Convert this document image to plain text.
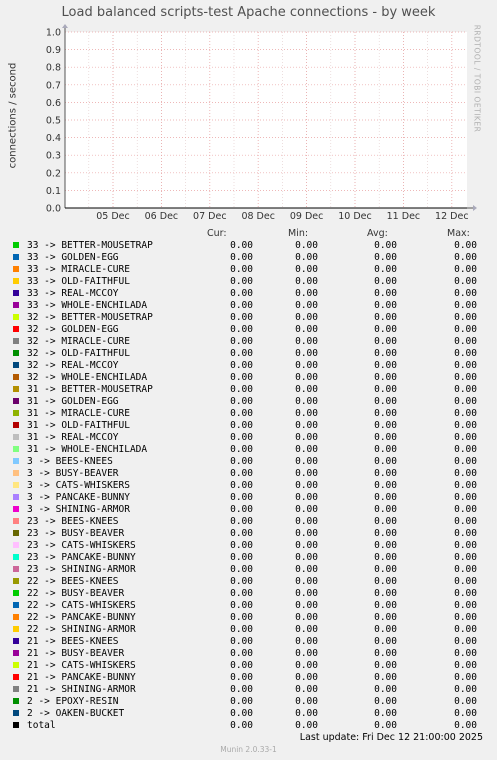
Load balanced scripts-test Apache connections - by week
connections / second	RRDTOOL / TOBI OETIKER
0.0
0.1
0.2
0.3
0.4
0.5
0.6
0.7
0.8
0.9
1.0
05 Dec 06 Dec 07 Dec 08 Dec 09 Dec 10 Dec 11 Dec 12 Dec
Cur:	Min:	Avg:	Max:
33 -> BETTER-MOUSETRAP	0.00	0.00	0.00	0.00
33 -> GOLDEN-EGG	0.00	0.00	0.00	0.00
33 -> MIRACLE-CURE	0.00	0.00	0.00	0.00
33 -> OLD-FAITHFUL	0.00	0.00	0.00	0.00
33 -> REAL-MCCOY	0.00	0.00	0.00	0.00
33 -> WHOLE-ENCHILADA	0.00	0.00	0.00	0.00
32 -> BETTER-MOUSETRAP	0.00	0.00	0.00	0.00
32 -> GOLDEN-EGG	0.00	0.00	0.00	0.00
32 -> MIRACLE-CURE	0.00	0.00	0.00	0.00
32 -> OLD-FAITHFUL	0.00	0.00	0.00	0.00
32 -> REAL-MCCOY	0.00	0.00	0.00	0.00
32 -> WHOLE-ENCHILADA	0.00	0.00	0.00	0.00
31 -> BETTER-MOUSETRAP	0.00	0.00	0.00	0.00
31 -> GOLDEN-EGG	0.00	0.00	0.00	0.00
31 -> MIRACLE-CURE	0.00	0.00	0.00	0.00
31 -> OLD-FAITHFUL	0.00	0.00	0.00	0.00
31 -> REAL-MCCOY	0.00	0.00	0.00	0.00
31 -> WHOLE-ENCHILADA	0.00	0.00	0.00	0.00
3 -> BEES-KNEES	0.00	0.00	0.00	0.00
3 -> BUSY-BEAVER	0.00	0.00	0.00	0.00
3 -> CATS-WHISKERS	0.00	0.00	0.00	0.00
3 -> PANCAKE-BUNNY	0.00	0.00	0.00	0.00
3 -> SHINING-ARMOR	0.00	0.00	0.00	0.00
23 -> BEES-KNEES	0.00	0.00	0.00	0.00
23 -> BUSY-BEAVER	0.00	0.00	0.00	0.00
23 -> CATS-WHISKERS	0.00	0.00	0.00	0.00
23 -> PANCAKE-BUNNY	0.00	0.00	0.00	0.00
23 -> SHINING-ARMOR	0.00	0.00	0.00	0.00
22 -> BEES-KNEES	0.00	0.00	0.00	0.00
22 -> BUSY-BEAVER	0.00	0.00	0.00	0.00
22 -> CATS-WHISKERS	0.00	0.00	0.00	0.00
22 -> PANCAKE-BUNNY	0.00	0.00	0.00	0.00
22 -> SHINING-ARMOR	0.00	0.00	0.00	0.00
21 -> BEES-KNEES	0.00	0.00	0.00	0.00
21 -> BUSY-BEAVER	0.00	0.00	0.00	0.00
21 -> CATS-WHISKERS	0.00	0.00	0.00	0.00
21 -> PANCAKE-BUNNY	0.00	0.00	0.00	0.00
21 -> SHINING-ARMOR	0.00	0.00	0.00	0.00
2 -> EPOXY-RESIN	0.00	0.00	0.00	0.00
2 -> OAKEN-BUCKET	0.00	0.00	0.00	0.00
total	0.00	0.00	0.00	0.00
Last update: Fri Dec 12 21:00:00 2025
Munin 2.0.33-1
